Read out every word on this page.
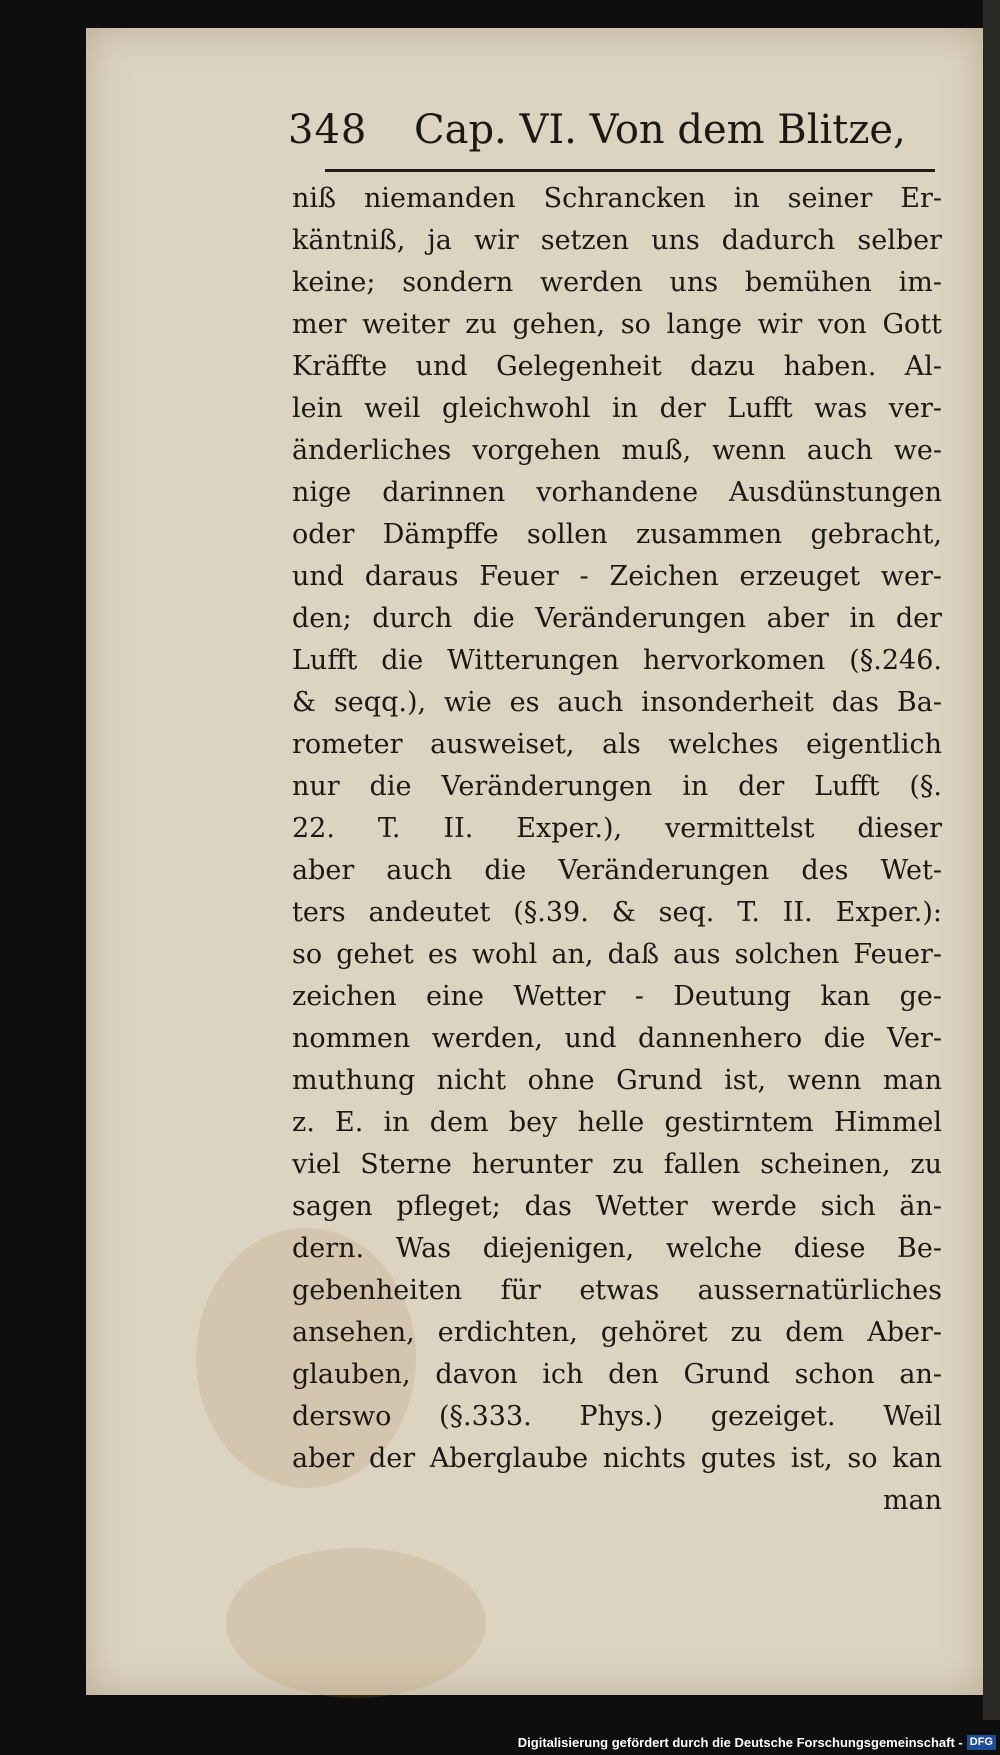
348 Cap. VI. Von dem Blitze,
niß niemanden Schrancken in seiner Er-
käntniß, ja wir setzen uns dadurch selber
keine; sondern werden uns bemühen im-
mer weiter zu gehen, so lange wir von Gott
Kräffte und Gelegenheit dazu haben. Al-
lein weil gleichwohl in der Lufft was ver-
änderliches vorgehen muß, wenn auch we-
nige darinnen vorhandene Ausdünstungen
oder Dämpffe sollen zusammen gebracht,
und daraus Feuer - Zeichen erzeuget wer-
den; durch die Veränderungen aber in der
Lufft die Witterungen hervorkomen (§.246.
& seqq.), wie es auch insonderheit das Ba-
rometer ausweiset, als welches eigentlich
nur die Veränderungen in der Lufft (§.
22. T. II. Exper.), vermittelst dieser
aber auch die Veränderungen des Wet-
ters andeutet (§.39. & seq. T. II. Exper.):
so gehet es wohl an, daß aus solchen Feuer-
zeichen eine Wetter - Deutung kan ge-
nommen werden, und dannenhero die Ver-
muthung nicht ohne Grund ist, wenn man
z. E. in dem bey helle gestirntem Himmel
viel Sterne herunter zu fallen scheinen, zu
sagen pfleget; das Wetter werde sich än-
dern. Was diejenigen, welche diese Be-
gebenheiten für etwas aussernatürliches
ansehen, erdichten, gehöret zu dem Aber-
glauben, davon ich den Grund schon an-
derswo (§.333. Phys.) gezeiget. Weil
aber der Aberglaube nichts gutes ist, so kan
man
Digitalisierung gefördert durch die Deutsche Forschungsgemeinschaft - DFG
